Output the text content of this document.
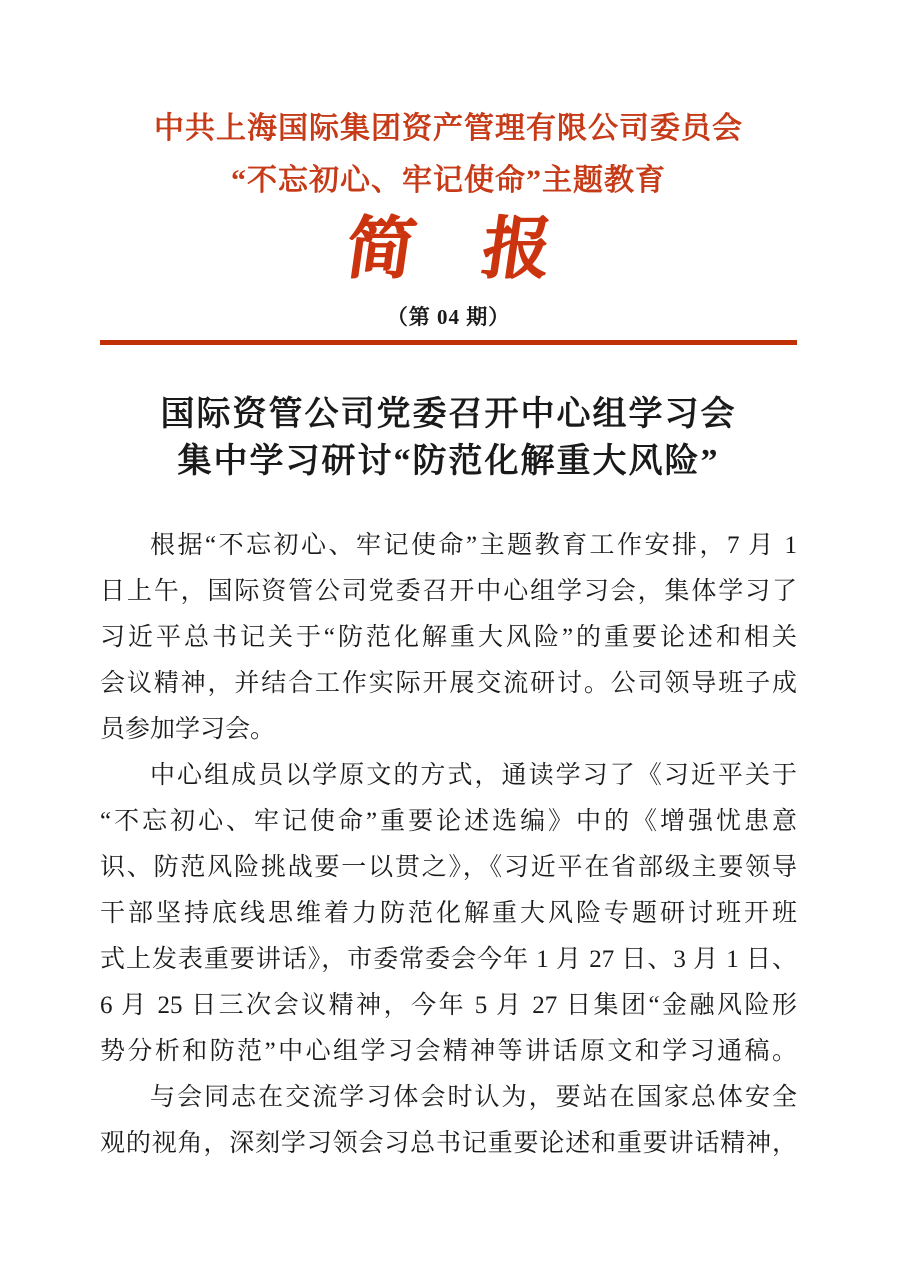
中共上海国际集团资产管理有限公司委员会
“不忘初心、牢记使命”主题教育
简　报
（第 04 期）
国际资管公司党委召开中心组学习会
集中学习研讨“防范化解重大风险”
根据“不忘初心、牢记使命”主题教育工作安排，7 月 1
日上午，国际资管公司党委召开中心组学习会，集体学习了
习近平总书记关于“防范化解重大风险”的重要论述和相关
会议精神，并结合工作实际开展交流研讨。公司领导班子成
员参加学习会。
中心组成员以学原文的方式，通读学习了《习近平关于
“不忘初心、牢记使命”重要论述选编》中的《增强忧患意
识、防范风险挑战要一以贯之》，《习近平在省部级主要领导
干部坚持底线思维着力防范化解重大风险专题研讨班开班
式上发表重要讲话》，市委常委会今年 1 月 27 日、3 月 1 日、
6 月 25 日三次会议精神，今年 5 月 27 日集团“金融风险形
势分析和防范”中心组学习会精神等讲话原文和学习通稿。
与会同志在交流学习体会时认为，要站在国家总体安全
观的视角，深刻学习领会习总书记重要论述和重要讲话精神，
